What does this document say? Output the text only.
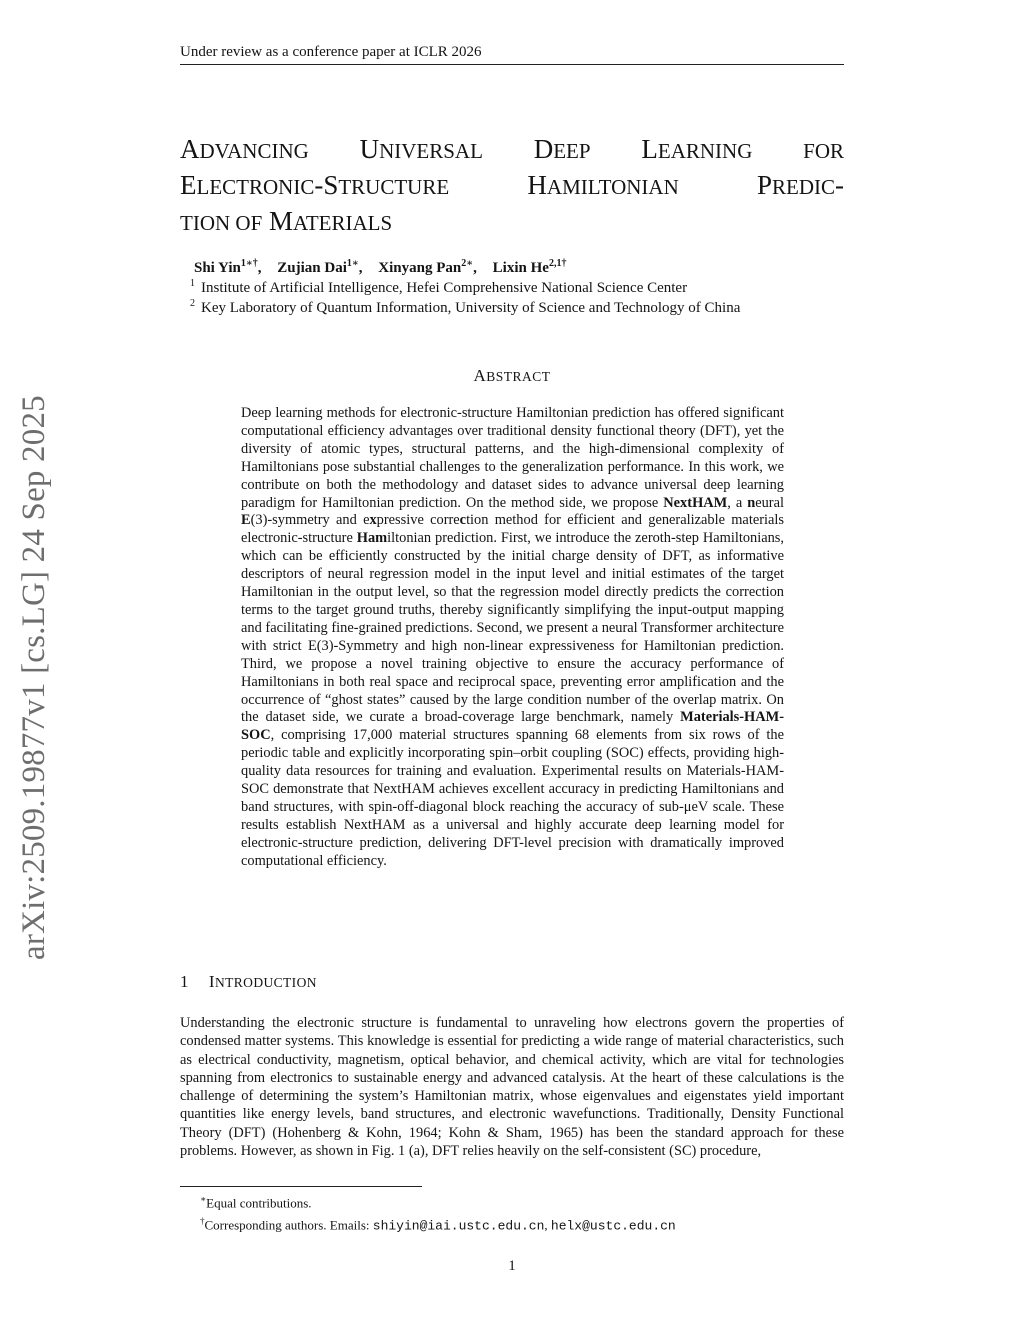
Under review as a conference paper at ICLR 2026
arXiv:2509.19877v1 [cs.LG] 24 Sep 2025
ADVANCING UNIVERSAL DEEP LEARNING FOR
ELECTRONIC-STRUCTURE	HAMILTONIAN	PREDIC-
TION OF MATERIALS
Shi Yin$^{1∗\dagger}$, Zujian Dai$^{1∗}$, Xinyang Pan$^{2∗}$, Lixin $He^{2,1\dagger}$
$^1$ Institute of Artificial Intelligence, Hefei Comprehensive National Science Center
$^2$ Key Laboratory of Quantum Information, University of Science and Technology of China
ABSTRACT

Deep learning methods for electronic-structure Hamiltonian prediction has offered significant computational efficiency advantages over traditional density functional theory (DFT), yet the diversity of atomic types, structural patterns, and the high-dimensional complexity of Hamiltonians pose substantial challenges to the generalization performance. In this work, we contribute on both the methodology and dataset sides to advance universal deep learning paradigm for Hamiltonian prediction. On the method side, we propose NextHAM, a neural E(3)-symmetry and expressive correction method for efficient and generalizable materials electronic-structure Hamiltonian prediction. First, we introduce the zeroth-step Hamiltonians, which can be efficiently constructed by the initial charge density of DFT, as informative descriptors of neural regression model in the input level and initial estimates of the target Hamiltonian in the output level, so that the regression model directly predicts the correction terms to the target ground truths, thereby significantly simplifying the input-output mapping and facilitating fine-grained predictions. Second, we present a neural Transformer architecture with strict E(3)-Symmetry and high non-linear expressiveness for Hamiltonian prediction. Third, we propose a novel training objective to ensure the accuracy performance of Hamiltonians in both real space and reciprocal space, preventing error amplification and the occurrence of “ghost states” caused by the large condition number of the overlap matrix. On the dataset side, we curate a broad-coverage large benchmark, namely Materials-HAM-SOC, comprising 17,000 material structures spanning 68 elements from six rows of the periodic table and explicitly incorporating spin–orbit coupling (SOC) effects, providing high-quality data resources for training and evaluation. Experimental results on Materials-HAM-SOC demonstrate that NextHAM achieves excellent accuracy in predicting Hamiltonians and band structures, with spin-off-diagonal block reaching the accuracy of sub-μeV scale. These results establish NextHAM as a universal and highly accurate deep learning model for electronic-structure prediction, delivering DFT-level precision with dramatically improved computational efficiency.

1 INTRODUCTION

Understanding the electronic structure is fundamental to unraveling how electrons govern the properties of condensed matter systems. This knowledge is essential for predicting a wide range of material characteristics, such as electrical conductivity, magnetism, optical behavior, and chemical activity, which are vital for technologies spanning from electronics to sustainable energy and advanced catalysis. At the heart of these calculations is the challenge of determining the system’s Hamiltonian matrix, whose eigenvalues and eigenstates yield important quantities like energy levels, band structures, and electronic wavefunctions. Traditionally, Density Functional Theory (DFT) (Hohenberg & Kohn, 1964; Kohn & Sham, 1965) has been the standard approach for these problems. However, as shown in Fig. 1 (a), DFT relies heavily on the self-consistent (SC) procedure,

∗Equal contributions.
†Corresponding authors. Emails: shiyin@iai.ustc.edu.cn, helx@ustc.edu.cn
1
